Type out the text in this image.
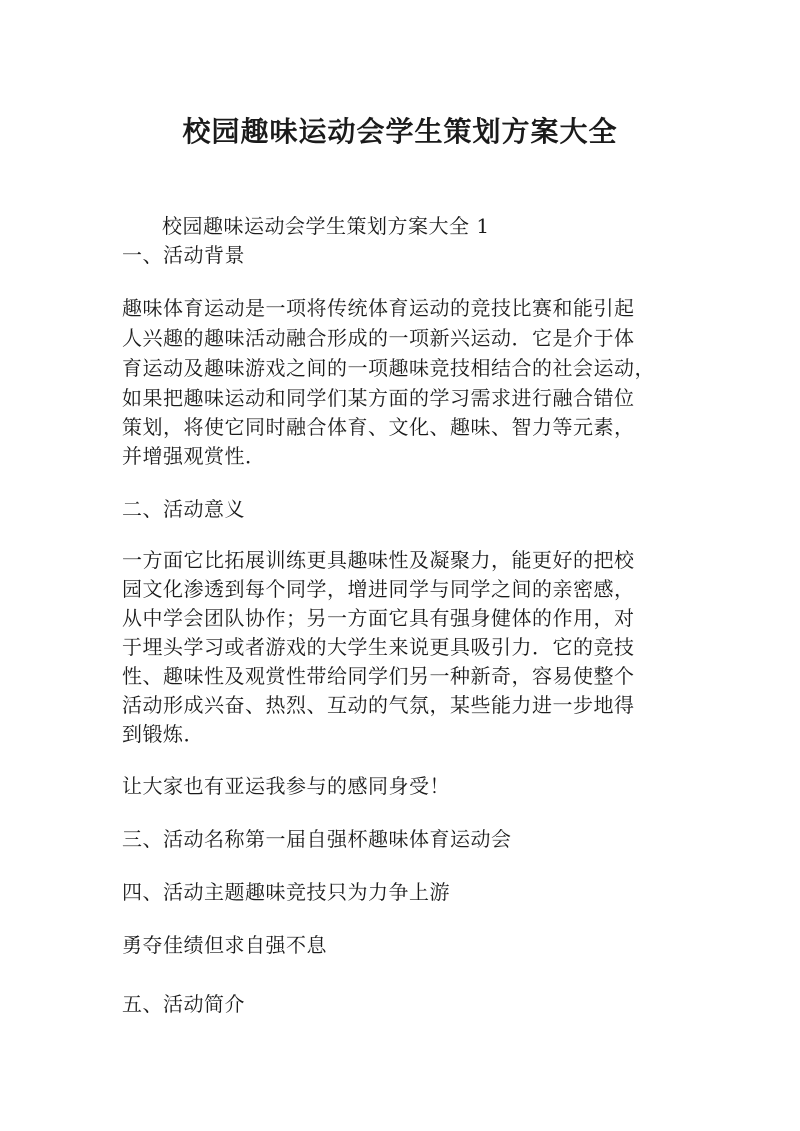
校园趣味运动会学生策划方案大全
校园趣味运动会学生策划方案大全 1
一、活动背景
趣味体育运动是一项将传统体育运动的竞技比赛和能引起
人兴趣的趣味活动融合形成的一项新兴运动．它是介于体
育运动及趣味游戏之间的一项趣味竞技相结合的社会运动，
如果把趣味运动和同学们某方面的学习需求进行融合错位
策划，将使它同时融合体育、文化、趣味、智力等元素，
并增强观赏性．
二、活动意义
一方面它比拓展训练更具趣味性及凝聚力，能更好的把校
园文化渗透到每个同学，增进同学与同学之间的亲密感，
从中学会团队协作；另一方面它具有强身健体的作用，对
于埋头学习或者游戏的大学生来说更具吸引力．它的竞技
性、趣味性及观赏性带给同学们另一种新奇，容易使整个
活动形成兴奋、热烈、互动的气氛，某些能力进一步地得
到锻炼．
让大家也有亚运我参与的感同身受！
三、活动名称第一届自强杯趣味体育运动会
四、活动主题趣味竞技只为力争上游
勇夺佳绩但求自强不息
五、活动简介
